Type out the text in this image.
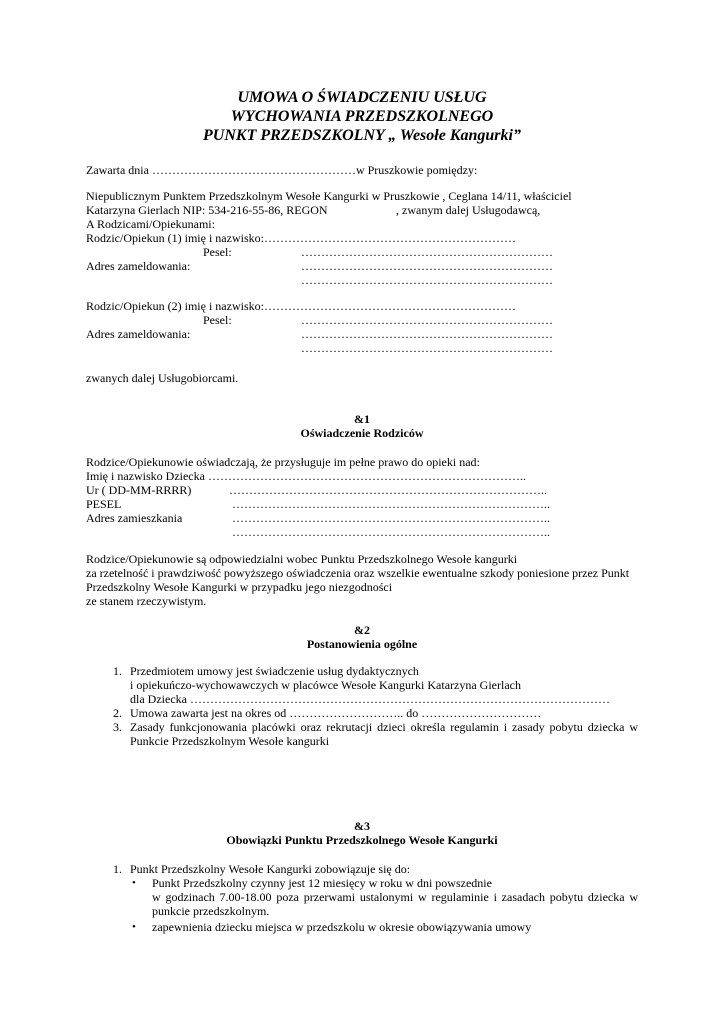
UMOWA O ŚWIADCZENIU USŁUG
WYCHOWANIA PRZEDSZKOLNEGO
PUNKT PRZEDSZKOLNY „ Wesołe Kangurki”
Zawarta dnia ……………………………………………w Pruszkowie pomiędzy:
Niepublicznym Punktem Przedszkolnym Wesołe Kangurki w Pruszkowie , Ceglana 14/11, właściciel
Katarzyna Gierlach NIP: 534-216-55-86, REGON	, zwanym dalej Usługodawcą,
A Rodzicami/Opiekunami:
Rodzic/Opiekun (1) imię i nazwisko:………………………………………………………
Pesel:	………………………………………………………
Adres zameldowania:	………………………………………………………
………………………………………………………
Rodzic/Opiekun (2) imię i nazwisko:………………………………………………………
Pesel:	………………………………………………………
Adres zameldowania:	………………………………………………………
………………………………………………………
zwanych dalej Usługobiorcami.
&1
Oświadczenie Rodziców
Rodzice/Opiekunowie oświadczają, że przysługuje im pełne prawo do opieki nad:
Imię i nazwisko Dziecka ……………………………………………………………………..
Ur ( DD-MM-RRRR)	……………………………………………………………………..
PESEL	……………………………………………………………………..
Adres zamieszkania	……………………………………………………………………..
……………………………………………………………………..
Rodzice/Opiekunowie są odpowiedzialni wobec Punktu Przedszkolnego Wesołe kangurki
za rzetelność i prawdziwość powyższego oświadczenia oraz wszelkie ewentualne szkody poniesione przez Punkt
Przedszkolny Wesołe Kangurki w przypadku jego niezgodności
ze stanem rzeczywistym.
&2
Postanowienia ogólne
1. Przedmiotem umowy jest świadczenie usług dydaktycznych
i opiekuńczo-wychowawczych w placówce Wesołe Kangurki Katarzyna Gierlach
dla Dziecka ……………………………………………………………………………………………
2. Umowa zawarta jest na okres od ……………………….. do …………………………
3. Zasady funkcjonowania placówki oraz rekrutacji dzieci określa regulamin i zasady pobytu dziecka w Punkcie Przedszkolnym Wesołe kangurki
&3
Obowiązki Punktu Przedszkolnego Wesołe Kangurki
1. Punkt Przedszkolny Wesołe Kangurki zobowiązuje się do:
• Punkt Przedszkolny czynny jest 12 miesięcy w roku w dni powszednie
w godzinach 7.00-18.00 poza przerwami ustalonymi w regulaminie i zasadach pobytu dziecka w punkcie przedszkolnym.
• zapewnienia dziecku miejsca w przedszkolu w okresie obowiązywania umowy
